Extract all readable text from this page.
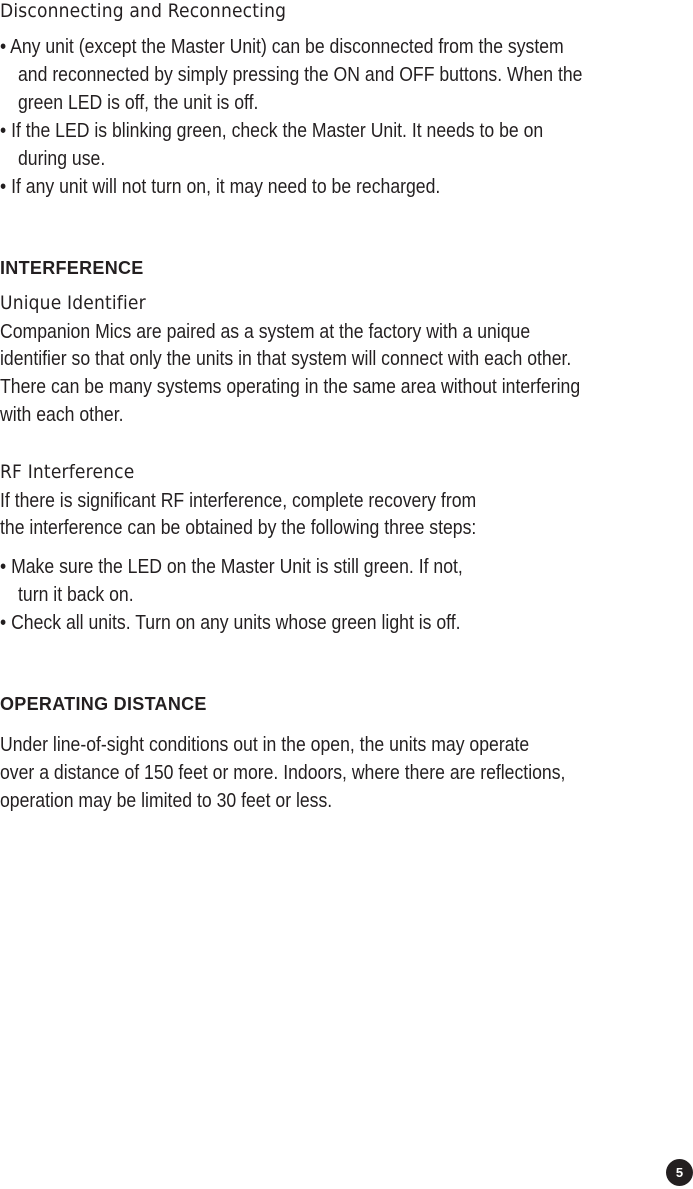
Disconnecting and Reconnecting
• Any unit (except the Master Unit) can be disconnected from the system
and reconnected by simply pressing the ON and OFF buttons. When the
green LED is off, the unit is off.
• If the LED is blinking green, check the Master Unit. It needs to be on
during use.
• If any unit will not turn on, it may need to be recharged.
INTERFERENCE
Unique Identifier
Companion Mics are paired as a system at the factory with a unique
identifier so that only the units in that system will connect with each other.
There can be many systems operating in the same area without interfering
with each other.
RF Interference
If there is significant RF interference, complete recovery from
the interference can be obtained by the following three steps:
• Make sure the LED on the Master Unit is still green. If not,
turn it back on.
• Check all units. Turn on any units whose green light is off.
OPERATING DISTANCE
Under line-of-sight conditions out in the open, the units may operate
over a distance of 150 feet or more. Indoors, where there are reflections,
operation may be limited to 30 feet or less.
5
